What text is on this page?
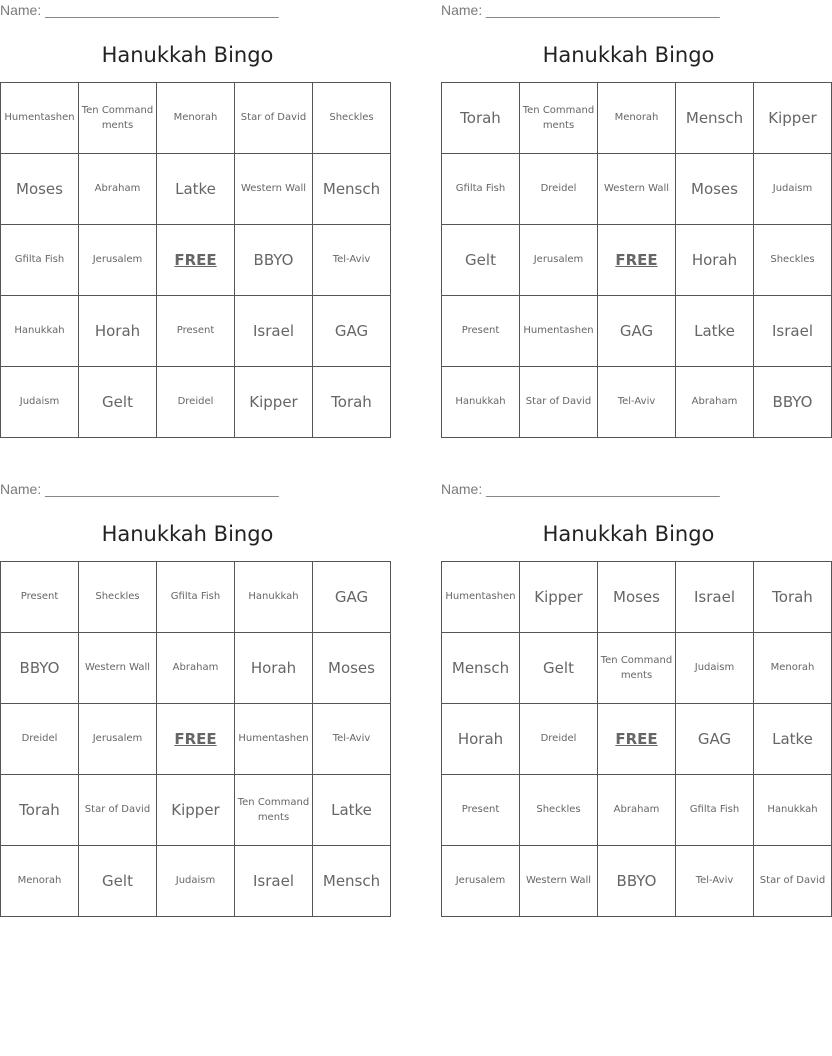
Name: ______________________________
Hanukkah Bingo
Humentashen	Ten Commandments	Menorah	Star of David	Sheckles
Moses	Abraham	Latke	Western Wall	Mensch
Gfilta Fish	Jerusalem	FREE	BBYO	Tel-Aviv
Hanukkah	Horah	Present	Israel	GAG
Judaism	Gelt	Dreidel	Kipper	Torah
Name: ______________________________
Hanukkah Bingo
Torah	Ten Commandments	Menorah	Mensch	Kipper
Gfilta Fish	Dreidel	Western Wall	Moses	Judaism
Gelt	Jerusalem	FREE	Horah	Sheckles
Present	Humentashen	GAG	Latke	Israel
Hanukkah	Star of David	Tel-Aviv	Abraham	BBYO
Name: ______________________________
Hanukkah Bingo
Present	Sheckles	Gfilta Fish	Hanukkah	GAG
BBYO	Western Wall	Abraham	Horah	Moses
Dreidel	Jerusalem	FREE	Humentashen	Tel-Aviv
Torah	Star of David	Kipper	Ten Commandments	Latke
Menorah	Gelt	Judaism	Israel	Mensch
Name: ______________________________
Hanukkah Bingo
Humentashen	Kipper	Moses	Israel	Torah
Mensch	Gelt	Ten Commandments	Judaism	Menorah
Horah	Dreidel	FREE	GAG	Latke
Present	Sheckles	Abraham	Gfilta Fish	Hanukkah
Jerusalem	Western Wall	BBYO	Tel-Aviv	Star of David
